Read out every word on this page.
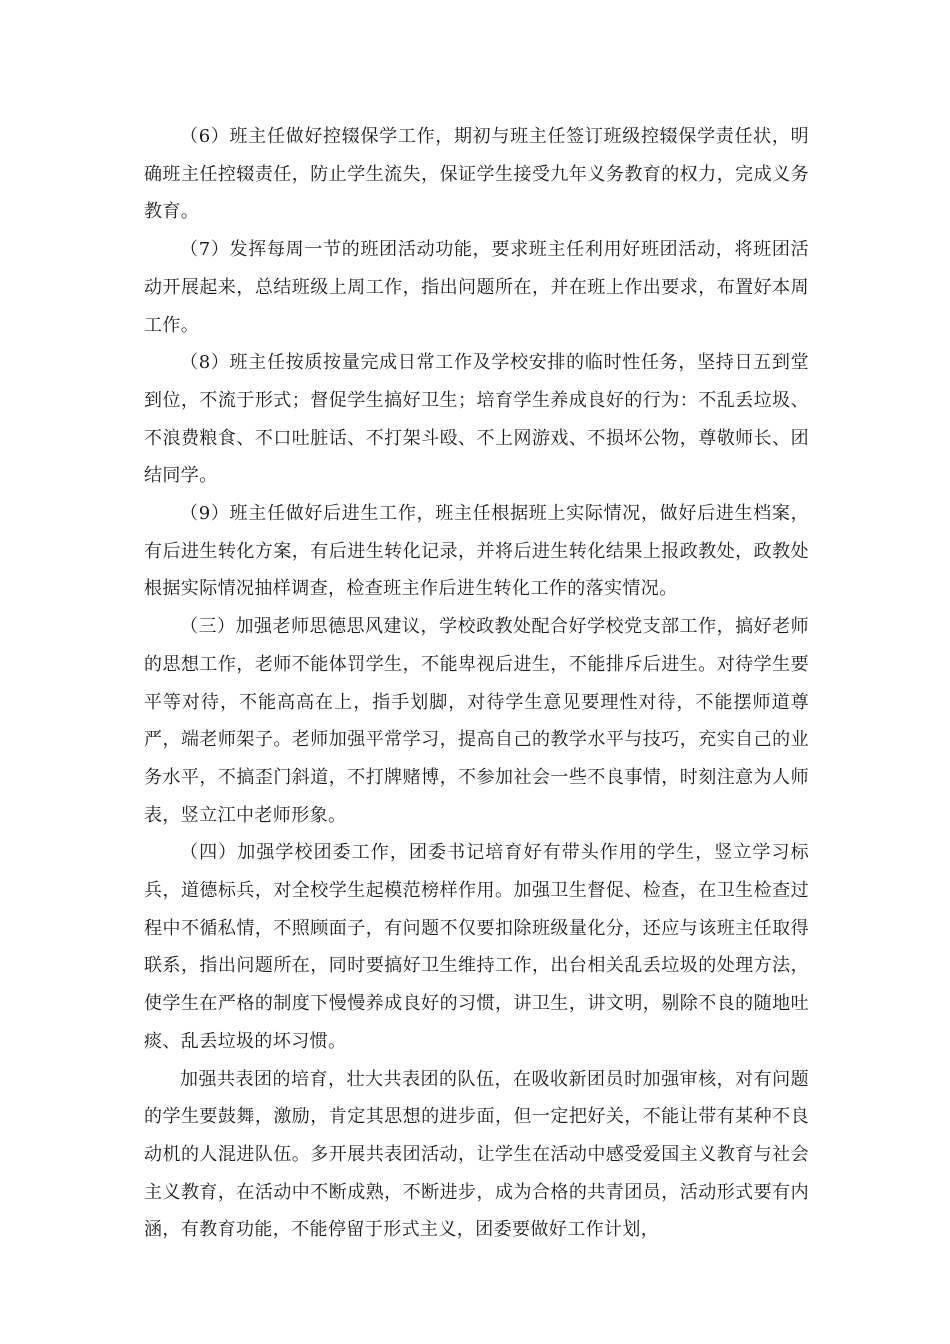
（6）班主任做好控辍保学工作，期初与班主任签订班级控辍保学责任状，明确班主任控辍责任，防止学生流失，保证学生接受九年义务教育的权力，完成义务教育。

（7）发挥每周一节的班团活动功能，要求班主任利用好班团活动，将班团活动开展起来，总结班级上周工作，指出问题所在，并在班上作出要求，布置好本周工作。

（8）班主任按质按量完成日常工作及学校安排的临时性任务，坚持日五到堂到位，不流于形式；督促学生搞好卫生；培育学生养成良好的行为：不乱丢垃圾、不浪费粮食、不口吐脏话、不打架斗殴、不上网游戏、不损坏公物，尊敬师长、团结同学。

（9）班主任做好后进生工作，班主任根据班上实际情况，做好后进生档案，有后进生转化方案，有后进生转化记录，并将后进生转化结果上报政教处，政教处根据实际情况抽样调查，检查班主作后进生转化工作的落实情况。

（三）加强老师思德思风建议，学校政教处配合好学校党支部工作，搞好老师的思想工作，老师不能体罚学生，不能卑视后进生，不能排斥后进生。对待学生要平等对待，不能高高在上，指手划脚，对待学生意见要理性对待，不能摆师道尊严，端老师架子。老师加强平常学习，提高自己的教学水平与技巧，充实自己的业务水平，不搞歪门斜道，不打牌赌博，不参加社会一些不良事情，时刻注意为人师表，竖立江中老师形象。

（四）加强学校团委工作，团委书记培育好有带头作用的学生，竖立学习标兵，道德标兵，对全校学生起模范榜样作用。加强卫生督促、检查，在卫生检查过程中不循私情，不照顾面子，有问题不仅要扣除班级量化分，还应与该班主任取得联系，指出问题所在，同时要搞好卫生维持工作，出台相关乱丢垃圾的处理方法，使学生在严格的制度下慢慢养成良好的习惯，讲卫生，讲文明，剔除不良的随地吐痰、乱丢垃圾的坏习惯。

加强共表团的培育，壮大共表团的队伍，在吸收新团员时加强审核，对有问题的学生要鼓舞，激励，肯定其思想的进步面，但一定把好关，不能让带有某种不良动机的人混进队伍。多开展共表团活动，让学生在活动中感受爱国主义教育与社会主义教育，在活动中不断成熟，不断进步，成为合格的共青团员，活动形式要有内涵，有教育功能，不能停留于形式主义，团委要做好工作计划，
